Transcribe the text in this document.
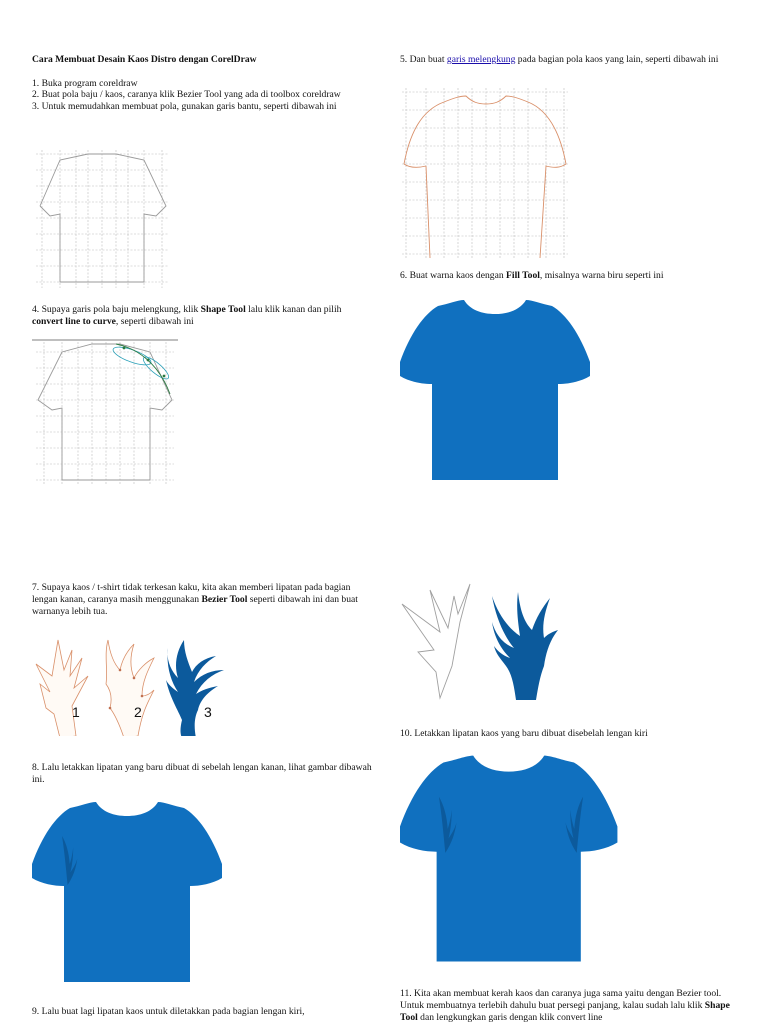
Cara Membuat Desain Kaos Distro dengan CorelDraw

1. Buka program coreldraw

2. Buat pola baju / kaos, caranya klik Bezier Tool yang ada di toolbox coreldraw

3. Untuk memudahkan membuat pola, gunakan garis bantu, seperti dibawah ini

4. Supaya garis pola baju melengkung, klik Shape Tool lalu klik kanan dan pilih convert line to curve, seperti dibawah ini

7. Supaya kaos / t-shirt tidak terkesan kaku, kita akan memberi lipatan pada bagian lengan kanan, caranya masih menggunakan Bezier Tool seperti dibawah ini dan buat warnanya lebih tua.

1	2	3

8. Lalu letakkan lipatan yang baru dibuat di sebelah lengan kanan, lihat gambar dibawah ini.

9. Lalu buat lagi lipatan kaos untuk diletakkan pada bagian lengan kiri,

5. Dan buat garis melengkung pada bagian pola kaos yang lain, seperti dibawah ini

6. Buat warna kaos dengan Fill Tool, misalnya warna biru seperti ini

10. Letakkan lipatan kaos yang baru dibuat disebelah lengan kiri

11. Kita akan membuat kerah kaos dan caranya juga sama yaitu dengan Bezier tool. Untuk membuatnya terlebih dahulu buat persegi panjang, kalau sudah lalu klik Shape Tool dan lengkungkan garis dengan klik convert line
